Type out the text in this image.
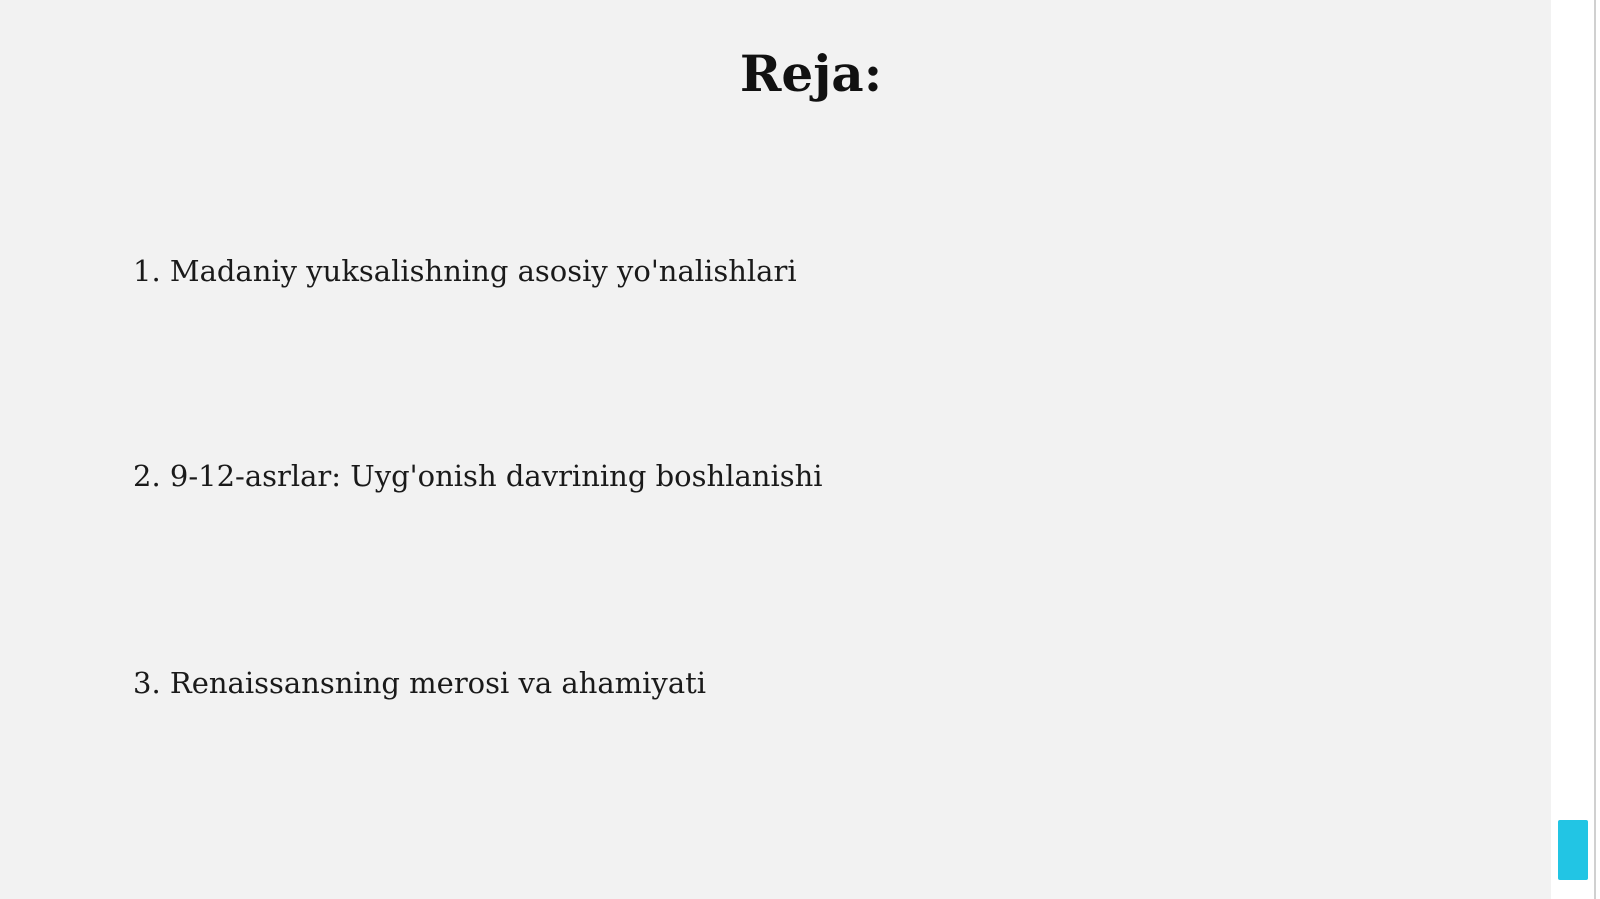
Reja:
1. Madaniy yuksalishning asosiy yo'nalishlari
2. 9-12-asrlar: Uyg'onish davrining boshlanishi
3. Renaissansning merosi va ahamiyati
